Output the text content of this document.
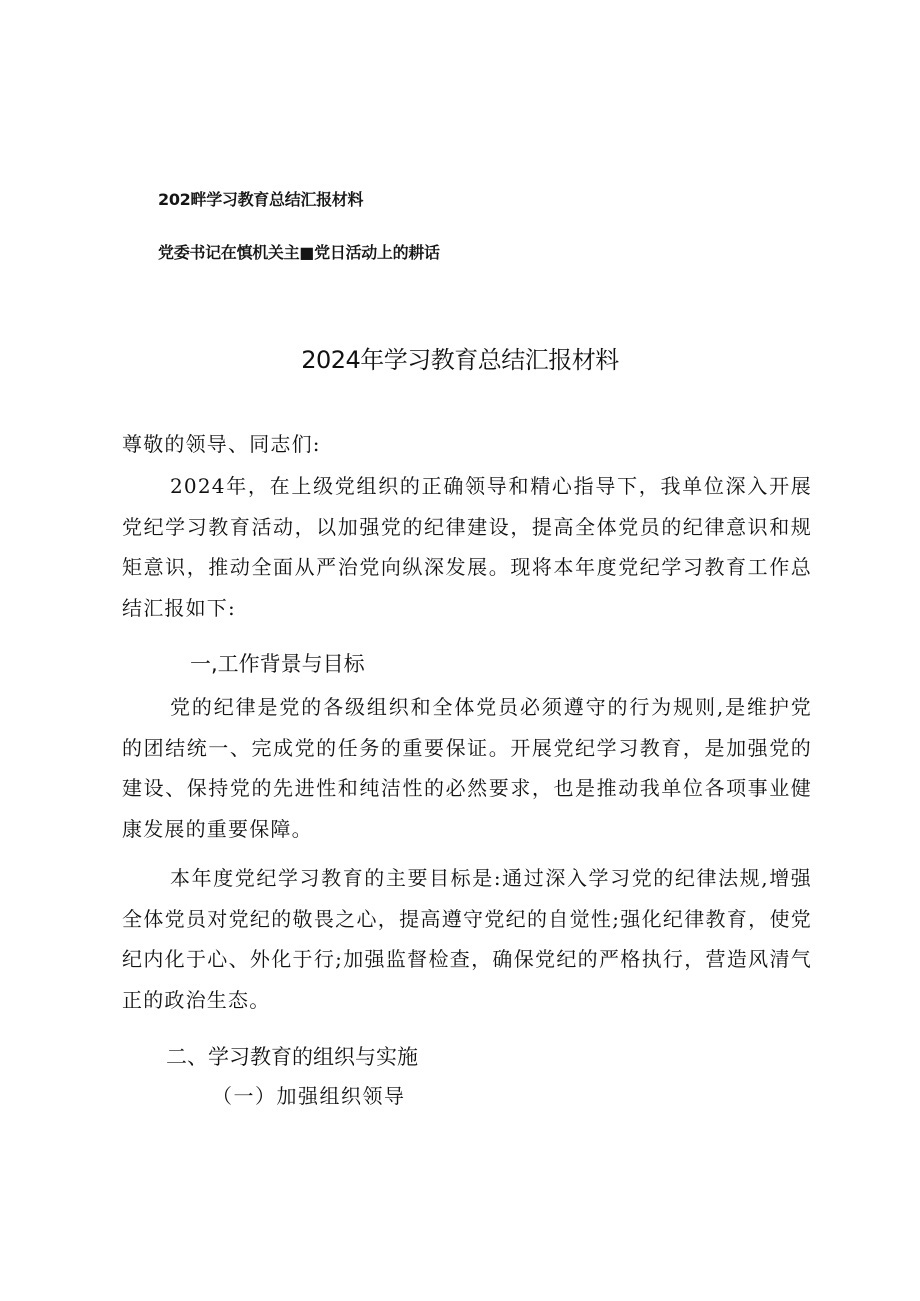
202畔学习教育总结汇报材料
党委书记在慎机关主■党日活动上的耕话
2024年学习教育总结汇报材料
尊敬的领导、同志们:
2024年，在上级党组织的正确领导和精心指导下，我单位深入开展党纪学习教育活动，以加强党的纪律建设，提高全体党员的纪律意识和规矩意识，推动全面从严治党向纵深发展。现将本年度党纪学习教育工作总结汇报如下:
一,工作背景与目标
党的纪律是党的各级组织和全体党员必须遵守的行为规则,是维护党的团结统一、完成党的任务的重要保证。开展党纪学习教育，是加强党的建设、保持党的先进性和纯洁性的必然要求，也是推动我单位各项事业健康发展的重要保障。
本年度党纪学习教育的主要目标是:通过深入学习党的纪律法规,增强全体党员对党纪的敬畏之心，提高遵守党纪的自觉性;强化纪律教育，使党纪内化于心、外化于行;加强监督检查，确保党纪的严格执行，营造风清气正的政治生态。
二、学习教育的组织与实施
（一）加强组织领导
